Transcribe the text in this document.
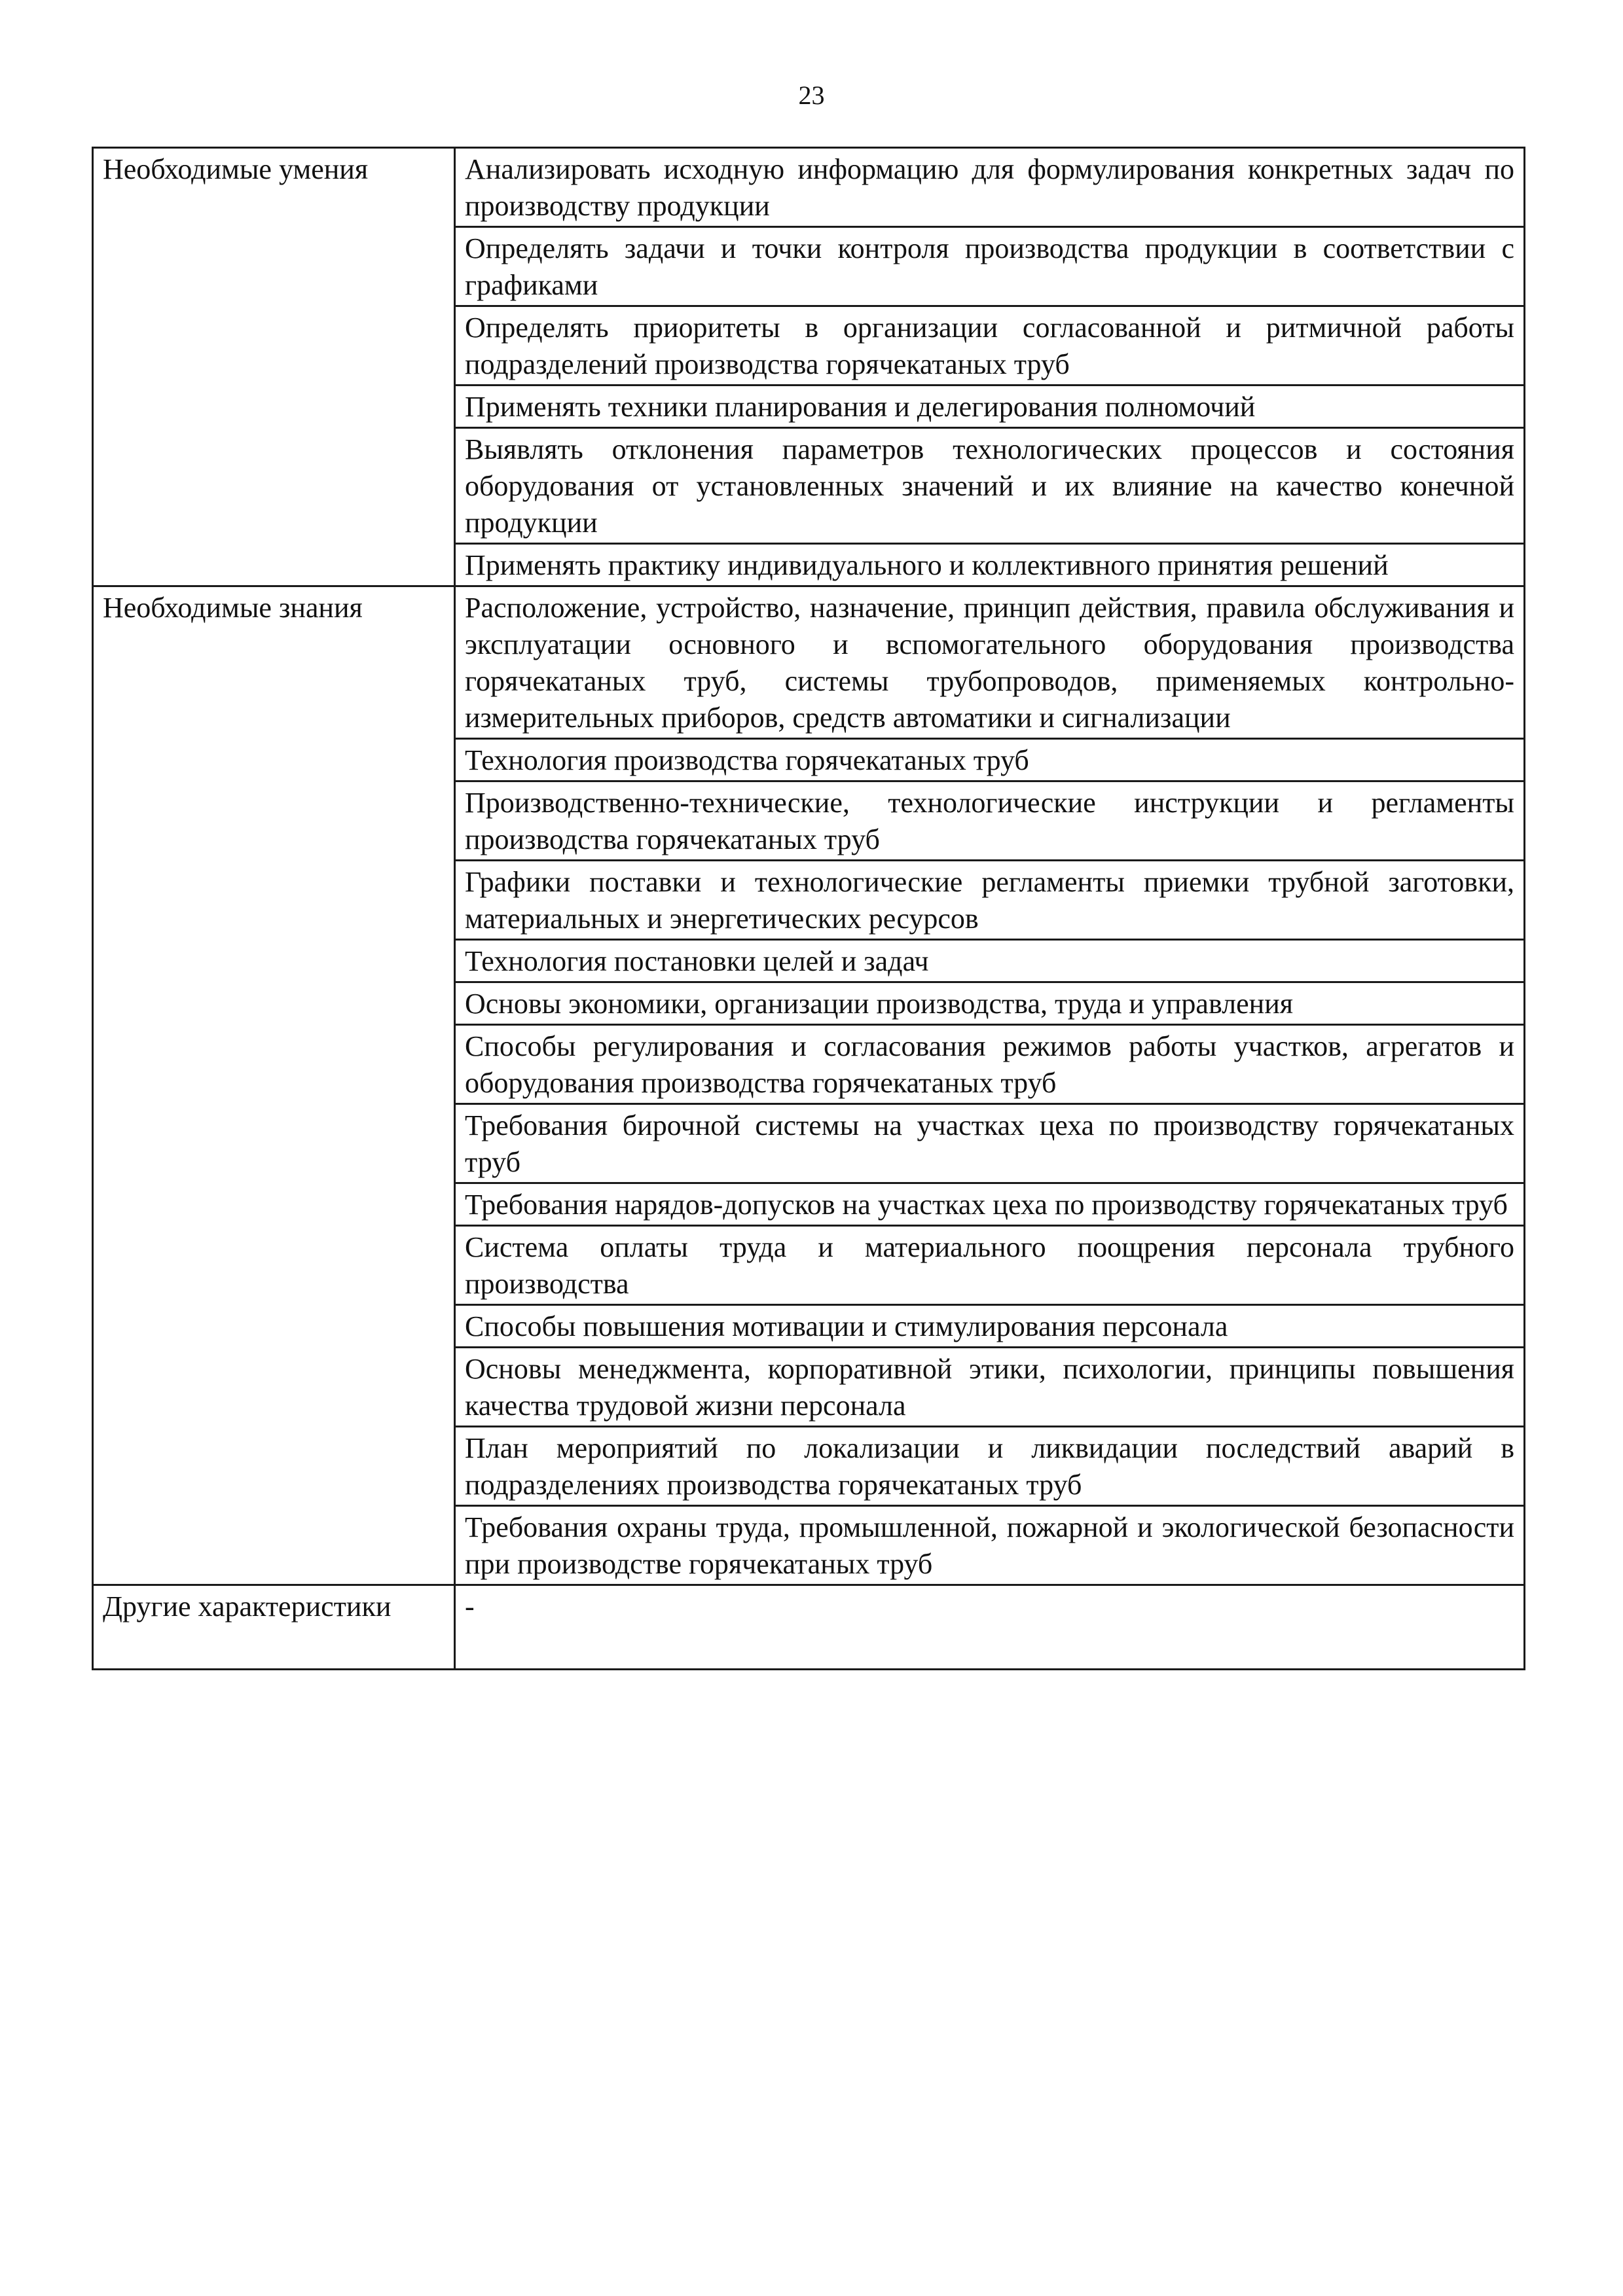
23
Необходимые умения	Анализировать исходную информацию для формулирования конкретных задач по производству продукции
	Определять задачи и точки контроля производства продукции в соответствии с графиками
	Определять приоритеты в организации согласованной и ритмичной работы подразделений производства горячекатаных труб
	Применять техники планирования и делегирования полномочий
	Выявлять отклонения параметров технологических процессов и состояния оборудования от установленных значений и их влияние на качество конечной продукции
	Применять практику индивидуального и коллективного принятия решений
Необходимые знания	Расположение, устройство, назначение, принцип действия, правила обслуживания и эксплуатации основного и вспомогательного оборудования производства горячекатаных труб, системы трубопроводов, применяемых контрольно-измерительных приборов, средств автоматики и сигнализации
	Технология производства горячекатаных труб
	Производственно-технические, технологические инструкции и регламенты производства горячекатаных труб
	Графики поставки и технологические регламенты приемки трубной заготовки, материальных и энергетических ресурсов
	Технология постановки целей и задач
	Основы экономики, организации производства, труда и управления
	Способы регулирования и согласования режимов работы участков, агрегатов и оборудования производства горячекатаных труб
	Требования бирочной системы на участках цеха по производству горячекатаных труб
	Требования нарядов-допусков на участках цеха по производству горячекатаных труб
	Система оплаты труда и материального поощрения персонала трубного производства
	Способы повышения мотивации и стимулирования персонала
	Основы менеджмента, корпоративной этики, психологии, принципы повышения качества трудовой жизни персонала
	План мероприятий по локализации и ликвидации последствий аварий в подразделениях производства горячекатаных труб
	Требования охраны труда, промышленной, пожарной и экологической безопасности при производстве горячекатаных труб
Другие характеристики	-
